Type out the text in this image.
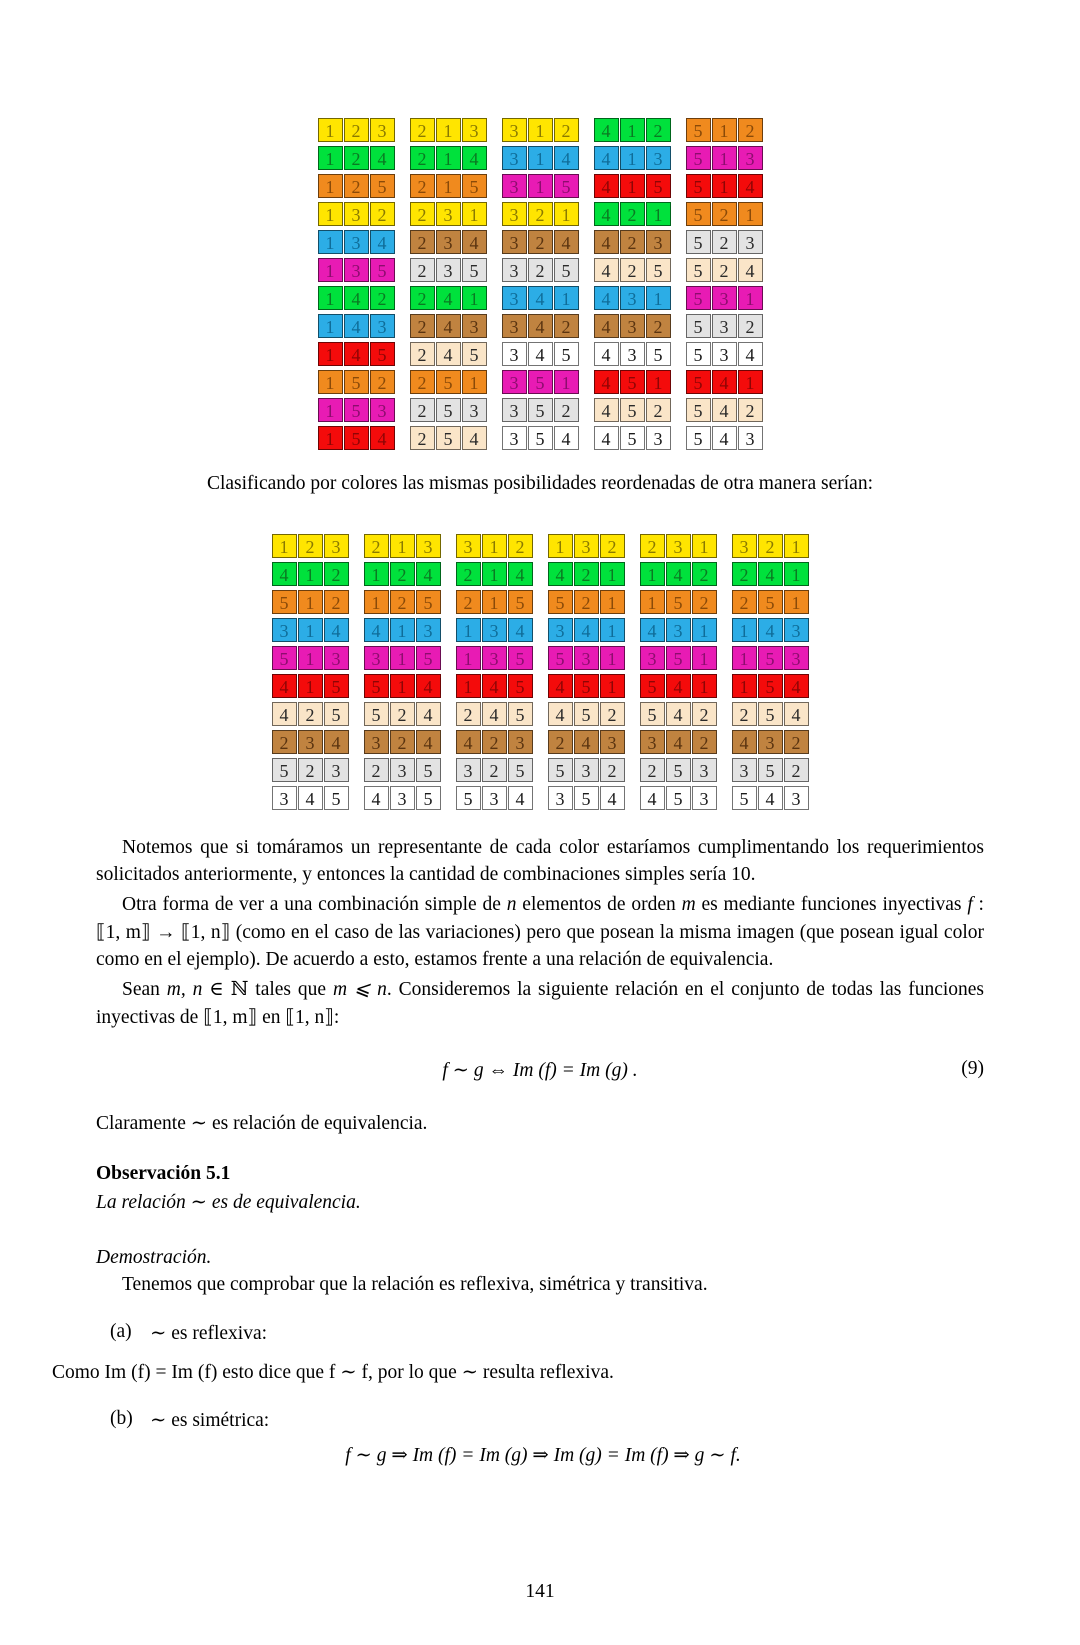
1 2 3
1 2 4
1 2 5
1 3 2
1 3 4
1 3 5
1 4 2
1 4 3
1 4 5
1 5 2
1 5 3
1 5 4
2 1 3
2 1 4
2 1 5
2 3 1
2 3 4
2 3 5
2 4 1
2 4 3
2 4 5
2 5 1
2 5 3
2 5 4
3 1 2
3 1 4
3 1 5
3 2 1
3 2 4
3 2 5
3 4 1
3 4 2
3 4 5
3 5 1
3 5 2
3 5 4
4 1 2
4 1 3
4 1 5
4 2 1
4 2 3
4 2 5
4 3 1
4 3 2
4 3 5
4 5 1
4 5 2
4 5 3
5 1 2
5 1 3
5 1 4
5 2 1
5 2 3
5 2 4
5 3 1
5 3 2
5 3 4
5 4 1
5 4 2
5 4 3

Clasificando por colores las mismas posibilidades reordenadas de otra manera serían:

1 2 3
4 1 2
5 1 2
3 1 4
5 1 3
4 1 5
4 2 5
2 3 4
5 2 3
3 4 5
2 1 3
1 2 4
1 2 5
4 1 3
3 1 5
5 1 4
5 2 4
3 2 4
2 3 5
4 3 5
3 1 2
2 1 4
2 1 5
1 3 4
1 3 5
1 4 5
2 4 5
4 2 3
3 2 5
5 3 4
1 3 2
4 2 1
5 2 1
3 4 1
5 3 1
4 5 1
4 5 2
2 4 3
5 3 2
3 5 4
2 3 1
1 4 2
1 5 2
4 3 1
3 5 1
5 4 1
5 4 2
3 4 2
2 5 3
4 5 3
3 2 1
2 4 1
2 5 1
1 4 3
1 5 3
1 5 4
2 5 4
4 3 2
3 5 2
5 4 3

Notemos que si tomáramos un representante de cada color estaríamos cumplimentando los requerimientos solicitados anteriormente, y entonces la cantidad de combinaciones simples sería 10.

Otra forma de ver a una combinación simple de n elementos de orden m es mediante funciones inyectivas f : ⟦1, m⟧ → ⟦1, n⟧ (como en el caso de las variaciones) pero que posean la misma imagen (que posean igual color como en el ejemplo). De acuerdo a esto, estamos frente a una relación de equivalencia.

Sean m, n ∈ ℕ tales que m ⩽ n. Consideremos la siguiente relación en el conjunto de todas las funciones inyectivas de ⟦1, m⟧ en ⟦1, n⟧:

f ∼ g ⇔ Im (f) = Im (g) .	(9)

Claramente ∼ es relación de equivalencia.

Observación 5.1

La relación ∼ es de equivalencia.

Demostración.

Tenemos que comprobar que la relación es reflexiva, simétrica y transitiva.

(a) ∼ es reflexiva:
Como Im (f) = Im (f) esto dice que f ∼ f, por lo que ∼ resulta reflexiva.
(b) ∼ es simétrica:
f ∼ g ⇒ Im (f) = Im (g) ⇒ Im (g) = Im (f) ⇒ g ∼ f.
141
